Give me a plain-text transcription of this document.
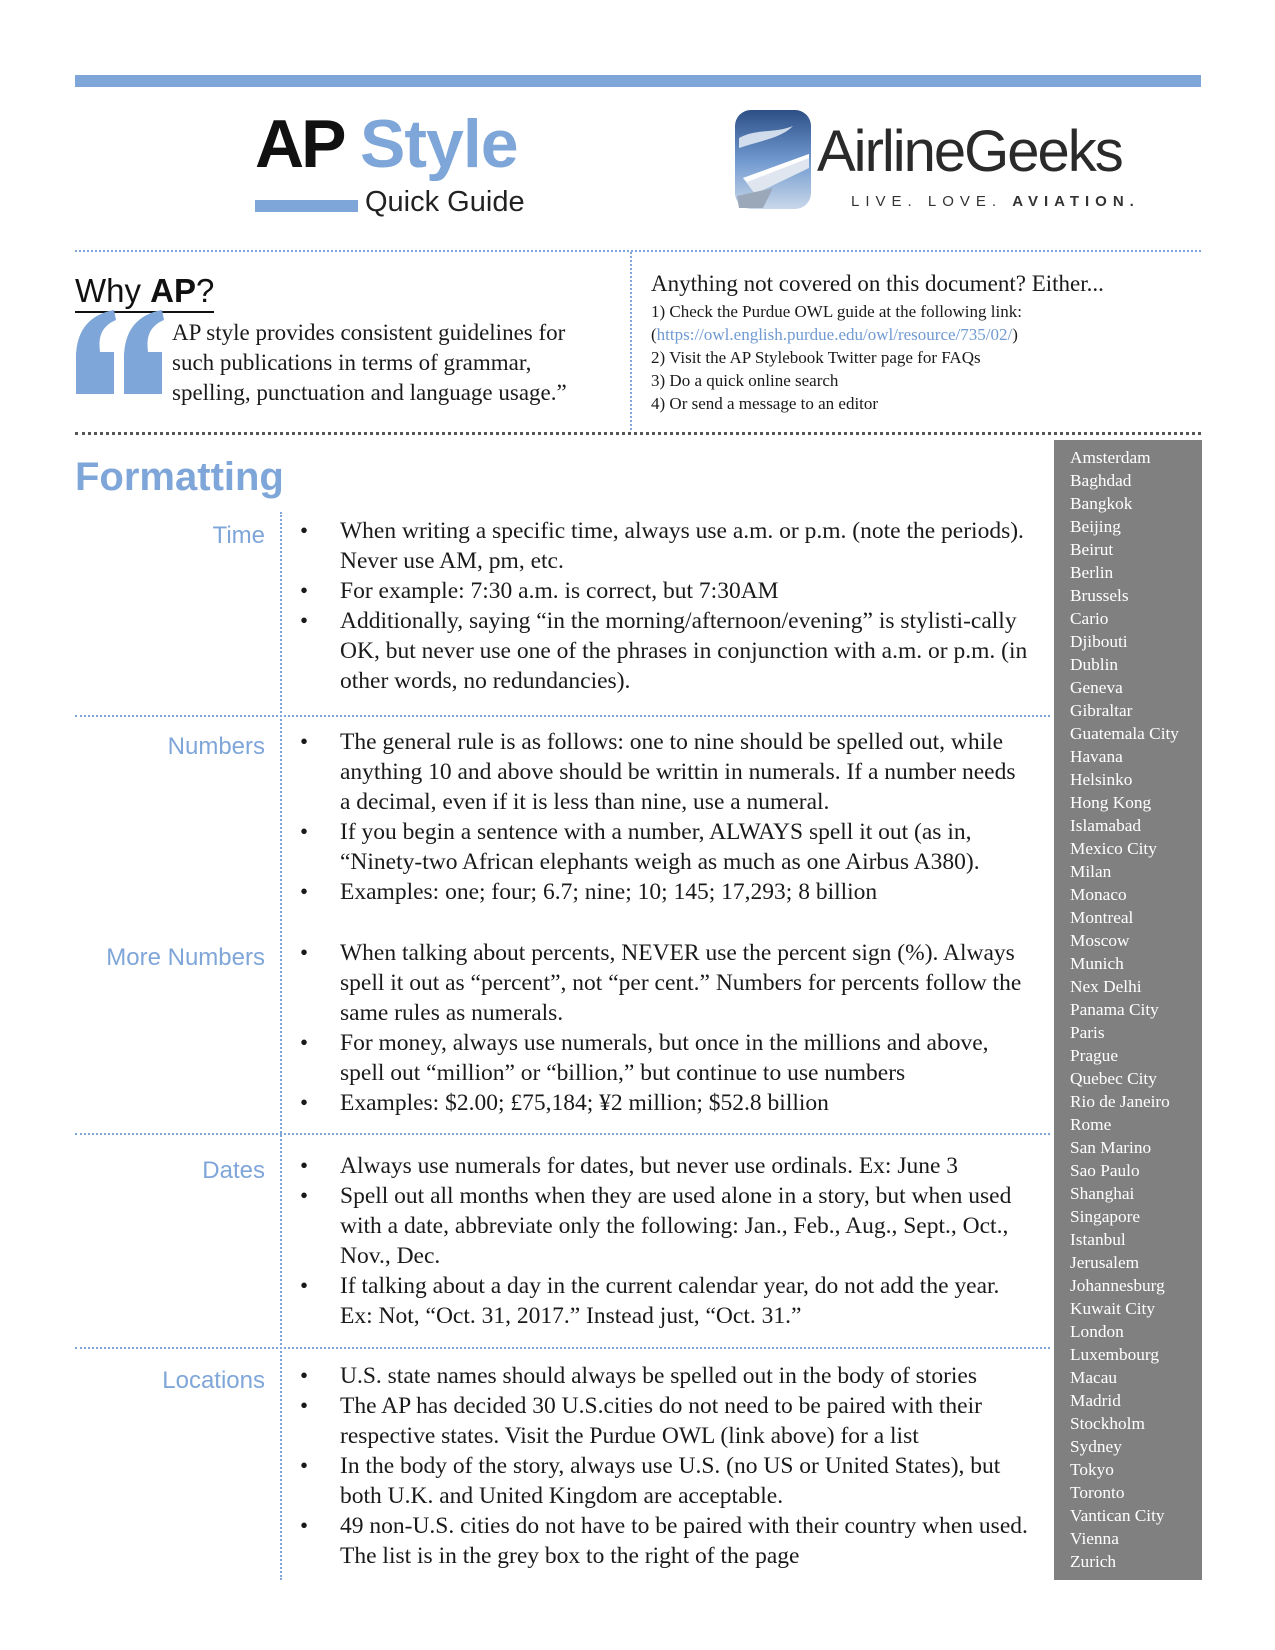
AP Style
Quick Guide
AirlineGeeks
LIVE. LOVE. AVIATION.
Why AP?
AP style provides consistent guidelines for such publications in terms of grammar, spelling, punctuation and language usage.”
Anything not covered on this document? Either...
1) Check the Purdue OWL guide at the following link:
(https://owl.english.purdue.edu/owl/resource/735/02/)
2) Visit the AP Stylebook Twitter page for FAQs
3) Do a quick online search
4) Or send a message to an editor
Formatting
Time	• When writing a specific time, always use a.m. or p.m. (note the periods). Never use AM, pm, etc.
• For example: 7:30 a.m. is correct, but 7:30AM
• Additionally, saying “in the morning/afternoon/evening” is stylisti-cally OK, but never use one of the phrases in conjunction with a.m. or p.m. (in other words, no redundancies).
Numbers	• The general rule is as follows: one to nine should be spelled out, while anything 10 and above should be writtin in numerals. If a number needs a decimal, even if it is less than nine, use a numeral.
• If you begin a sentence with a number, ALWAYS spell it out (as in, “Ninety-two African elephants weigh as much as one Airbus A380).
• Examples: one; four; 6.7; nine; 10; 145; 17,293; 8 billion
More Numbers	• When talking about percents, NEVER use the percent sign (%). Always spell it out as “percent”, not “per cent.” Numbers for percents follow the same rules as numerals.
• For money, always use numerals, but once in the millions and above, spell out “million” or “billion,” but continue to use numbers
• Examples: $2.00; £75,184; ¥2 million; $52.8 billion
Dates	• Always use numerals for dates, but never use ordinals. Ex: June 3
• Spell out all months when they are used alone in a story, but when used with a date, abbreviate only the following: Jan., Feb., Aug., Sept., Oct., Nov., Dec.
• If talking about a day in the current calendar year, do not add the year. Ex: Not, “Oct. 31, 2017.” Instead just, “Oct. 31.”
Locations	• U.S. state names should always be spelled out in the body of stories
• The AP has decided 30 U.S.cities do not need to be paired with their respective states. Visit the Purdue OWL (link above) for a list
• In the body of the story, always use U.S. (no US or United States), but both U.K. and United Kingdom are acceptable.
• 49 non-U.S. cities do not have to be paired with their country when used. The list is in the grey box to the right of the page
Amsterdam
Baghdad
Bangkok
Beijing
Beirut
Berlin
Brussels
Cario
Djibouti
Dublin
Geneva
Gibraltar
Guatemala City
Havana
Helsinko
Hong Kong
Islamabad
Mexico City
Milan
Monaco
Montreal
Moscow
Munich
Nex Delhi
Panama City
Paris
Prague
Quebec City
Rio de Janeiro
Rome
San Marino
Sao Paulo
Shanghai
Singapore
Istanbul
Jerusalem
Johannesburg
Kuwait City
London
Luxembourg
Macau
Madrid
Stockholm
Sydney
Tokyo
Toronto
Vantican City
Vienna
Zurich
